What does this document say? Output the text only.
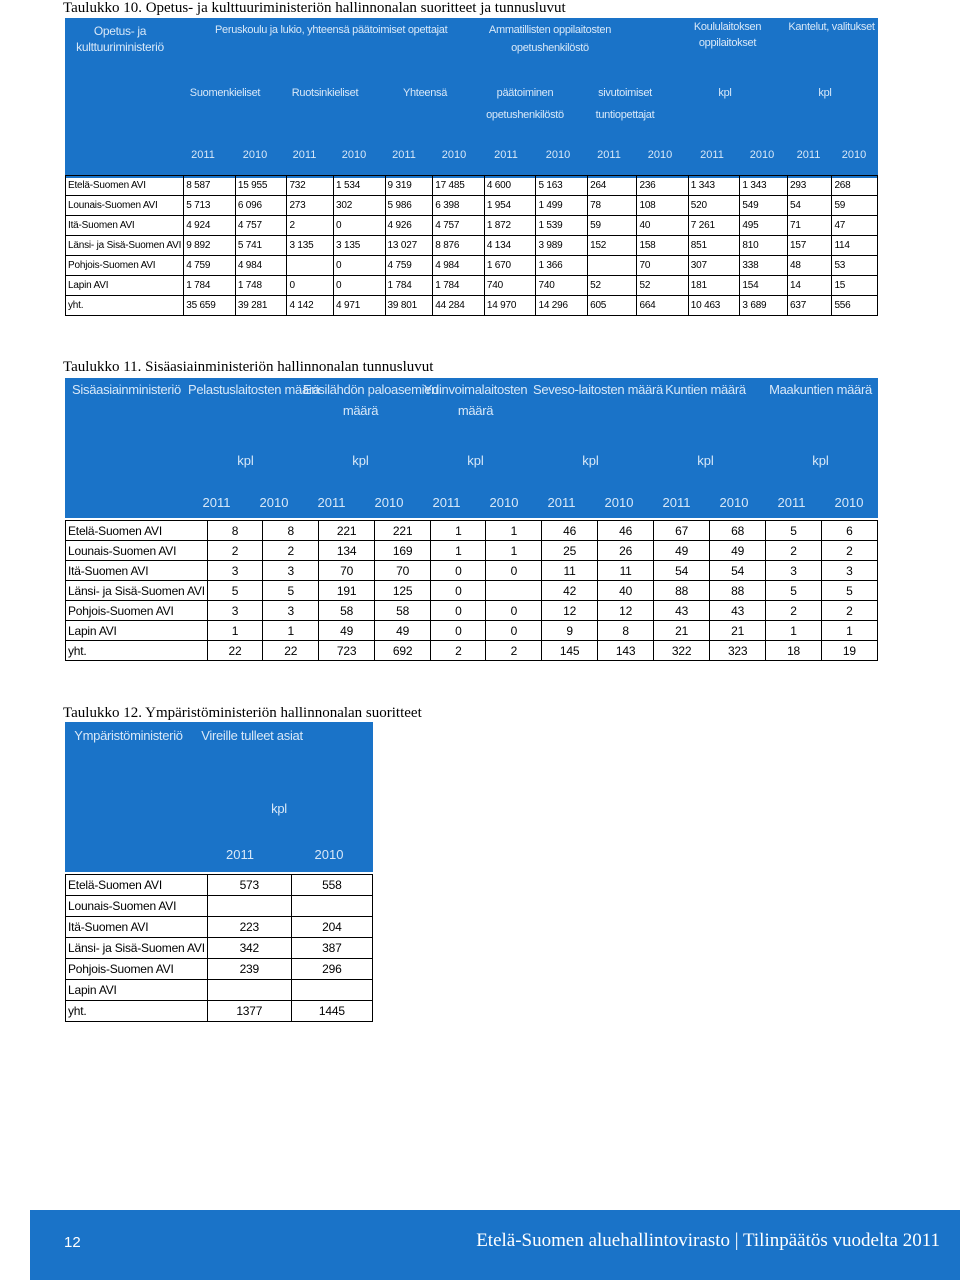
Taulukko 10. Opetus- ja kulttuuriministeriön hallinnonalan suoritteet ja tunnusluvut
Opetus- ja
kulttuuriministeriö
Peruskoulu ja lukio, yhteensä päätoimiset opettajat	Ammatillisten oppilaitosten
opetushenkilöstö
Koululaitoksen
oppilaitokset
Kantelut, valitukset
Suomenkieliset	Ruotsinkieliset	Yhteensä	päätoiminen
opetushenkilöstö
sivutoimiset
tuntiopettajat
kpl	kpl
2011	2010	2011	2010	2011	2010	2011	2010	2011	2010	2011	2010	2011	2010
Etelä-Suomen AVI	8 587	15 955	732	1 534	9 319	17 485	4 600	5 163	264	236	1 343	1 343	293	268
Lounais-Suomen AVI	5 713	6 096	273	302	5 986	6 398	1 954	1 499	78	108	520	549	54	59
Itä-Suomen AVI	4 924	4 757	2	0	4 926	4 757	1 872	1 539	59	40	7 261	495	71	47
Länsi- ja Sisä-Suomen AVI	9 892	5 741	3 135	3 135	13 027	8 876	4 134	3 989	152	158	851	810	157	114
Pohjois-Suomen AVI	4 759	4 984		0	4 759	4 984	1 670	1 366		70	307	338	48	53
Lapin AVI	1 784	1 748	0	0	1 784	1 784	740	740	52	52	181	154	14	15
yht.	35 659	39 281	4 142	4 971	39 801	44 284	14 970	14 296	605	664	10 463	3 689	637	556
Taulukko 11. Sisäasiainministeriön hallinnonalan tunnusluvut
Sisäasiainministeriö Pelastuslaitosten määrä
Ensilähdön paloasemien
määrä
Ydinvoimalaitosten
määrä
Seveso-laitosten määrä Kuntien määrä	Maakuntien määrä
kpl	kpl	kpl	kpl	kpl	kpl
2011	2010	2011	2010	2011	2010	2011	2010	2011	2010	2011	2010
Etelä-Suomen AVI	8	8	221	221	1	1	46	46	67	68	5	6
Lounais-Suomen AVI	2	2	134	169	1	1	25	26	49	49	2	2
Itä-Suomen AVI	3	3	70	70	0	0	11	11	54	54	3	3
Länsi- ja Sisä-Suomen AVI	5	5	191	125	0		42	40	88	88	5	5
Pohjois-Suomen AVI	3	3	58	58	0	0	12	12	43	43	2	2
Lapin AVI	1	1	49	49	0	0	9	8	21	21	1	1
yht.	22	22	723	692	2	2	145	143	322	323	18	19
Taulukko 12. Ympäristöministeriön hallinnonalan suoritteet
Ympäristöministeriö	Vireille tulleet asiat
kpl
2011	2010
Etelä-Suomen AVI	573	558
Lounais-Suomen AVI		
Itä-Suomen AVI	223	204
Länsi- ja Sisä-Suomen AVI	342	387
Pohjois-Suomen AVI	239	296
Lapin AVI		
yht.	1377	1445
12	Etelä-Suomen aluehallintovirasto | Tilinpäätös vuodelta 2011
